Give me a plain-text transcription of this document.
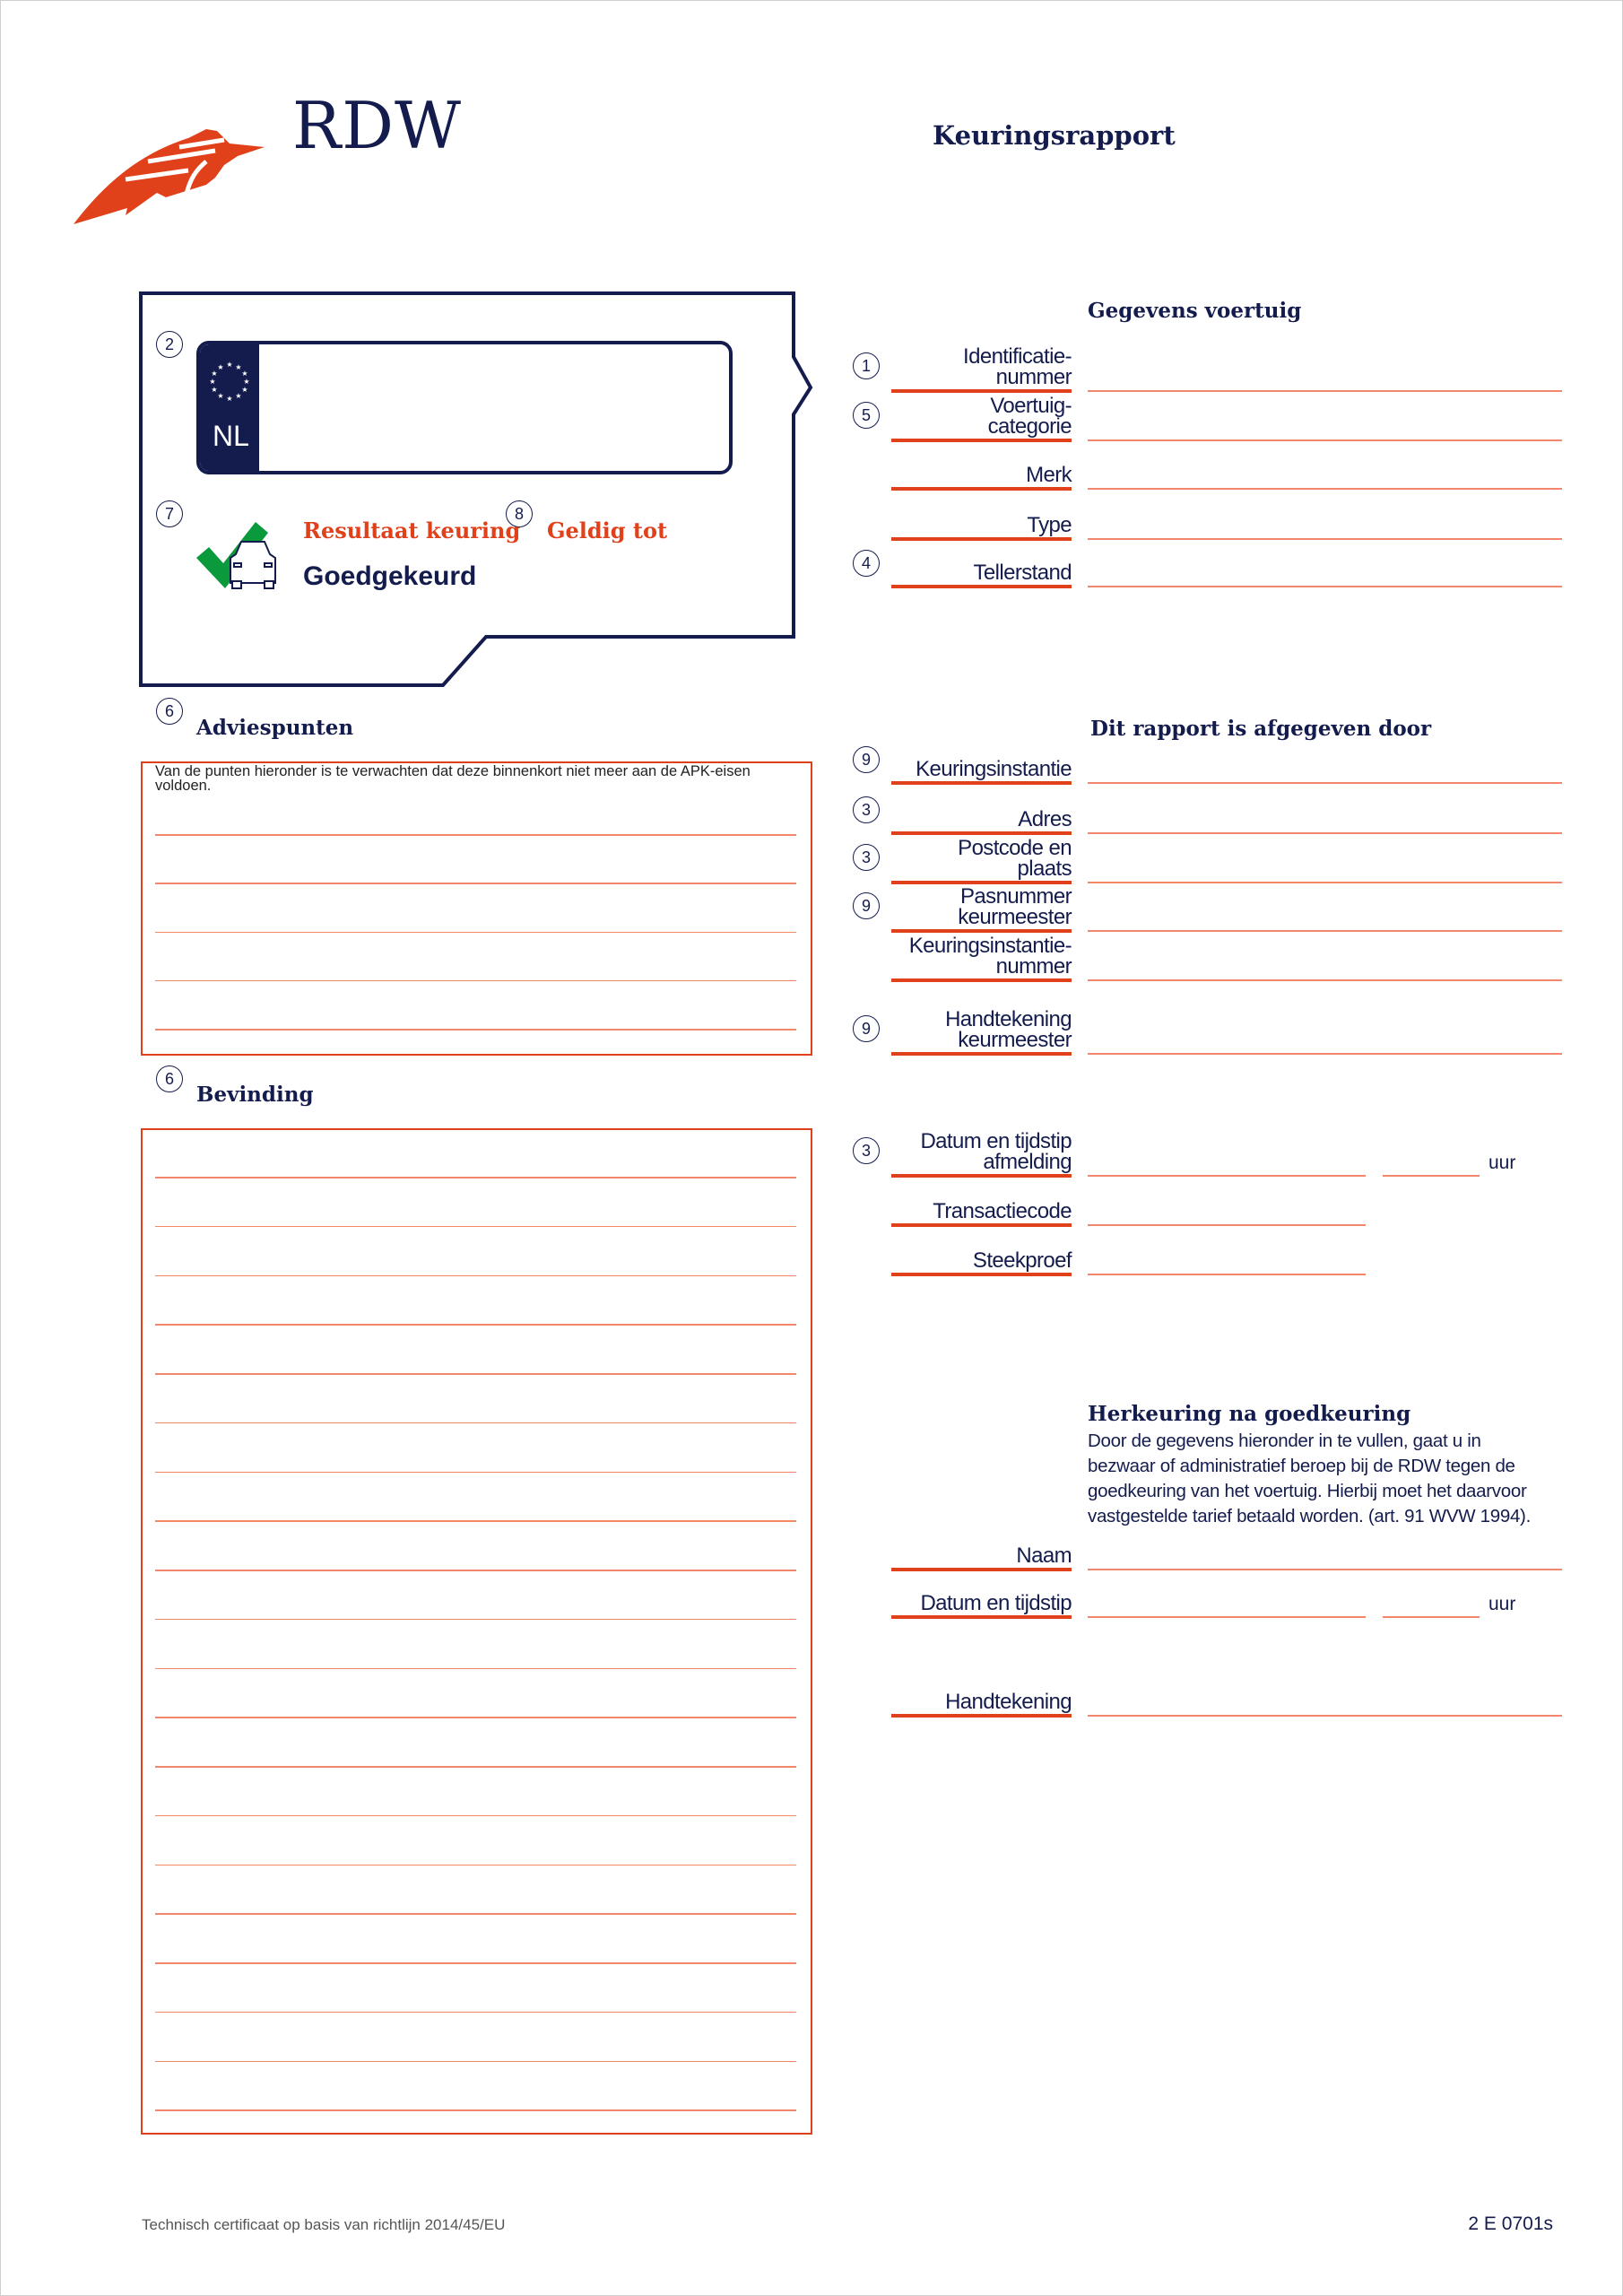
RDW	Keuringsrapport
2
★ ★
★
★
★
★
★
★
★
★
★
★
NL
7	8
Resultaat keuring Geldig tot
Goedgekeurd
6
Adviespunten
Van de punten hieronder is te verwachten dat deze binnenkort niet meer aan de APK-eisen voldoen.
6
Bevinding
Gegevens voertuig
Dit rapport is afgegeven door
Identificatie-
nummer
1
Voertuig-
categorie
5
Merk
Type
Tellerstand
4
Keuringsinstantie
9
Adres
3
Postcode en
plaats
3
Pasnummer
keurmeester
9
Keuringsinstantie-
nummer
Handtekening
keurmeester
9
Datum en tijdstip
afmelding	uur
3
Transactiecode
Steekproef
Naam
Datum en tijdstip	uur
Handtekening
Herkeuring na goedkeuring
Door de gegevens hieronder in te vullen, gaat u in
bezwaar of administratief beroep bij de RDW tegen de
goedkeuring van het voertuig. Hierbij moet het daarvoor
vastgestelde tarief betaald worden. (art. 91 WVW 1994).
Technisch certificaat op basis van richtlijn 2014/45/EU	2 E 0701s
